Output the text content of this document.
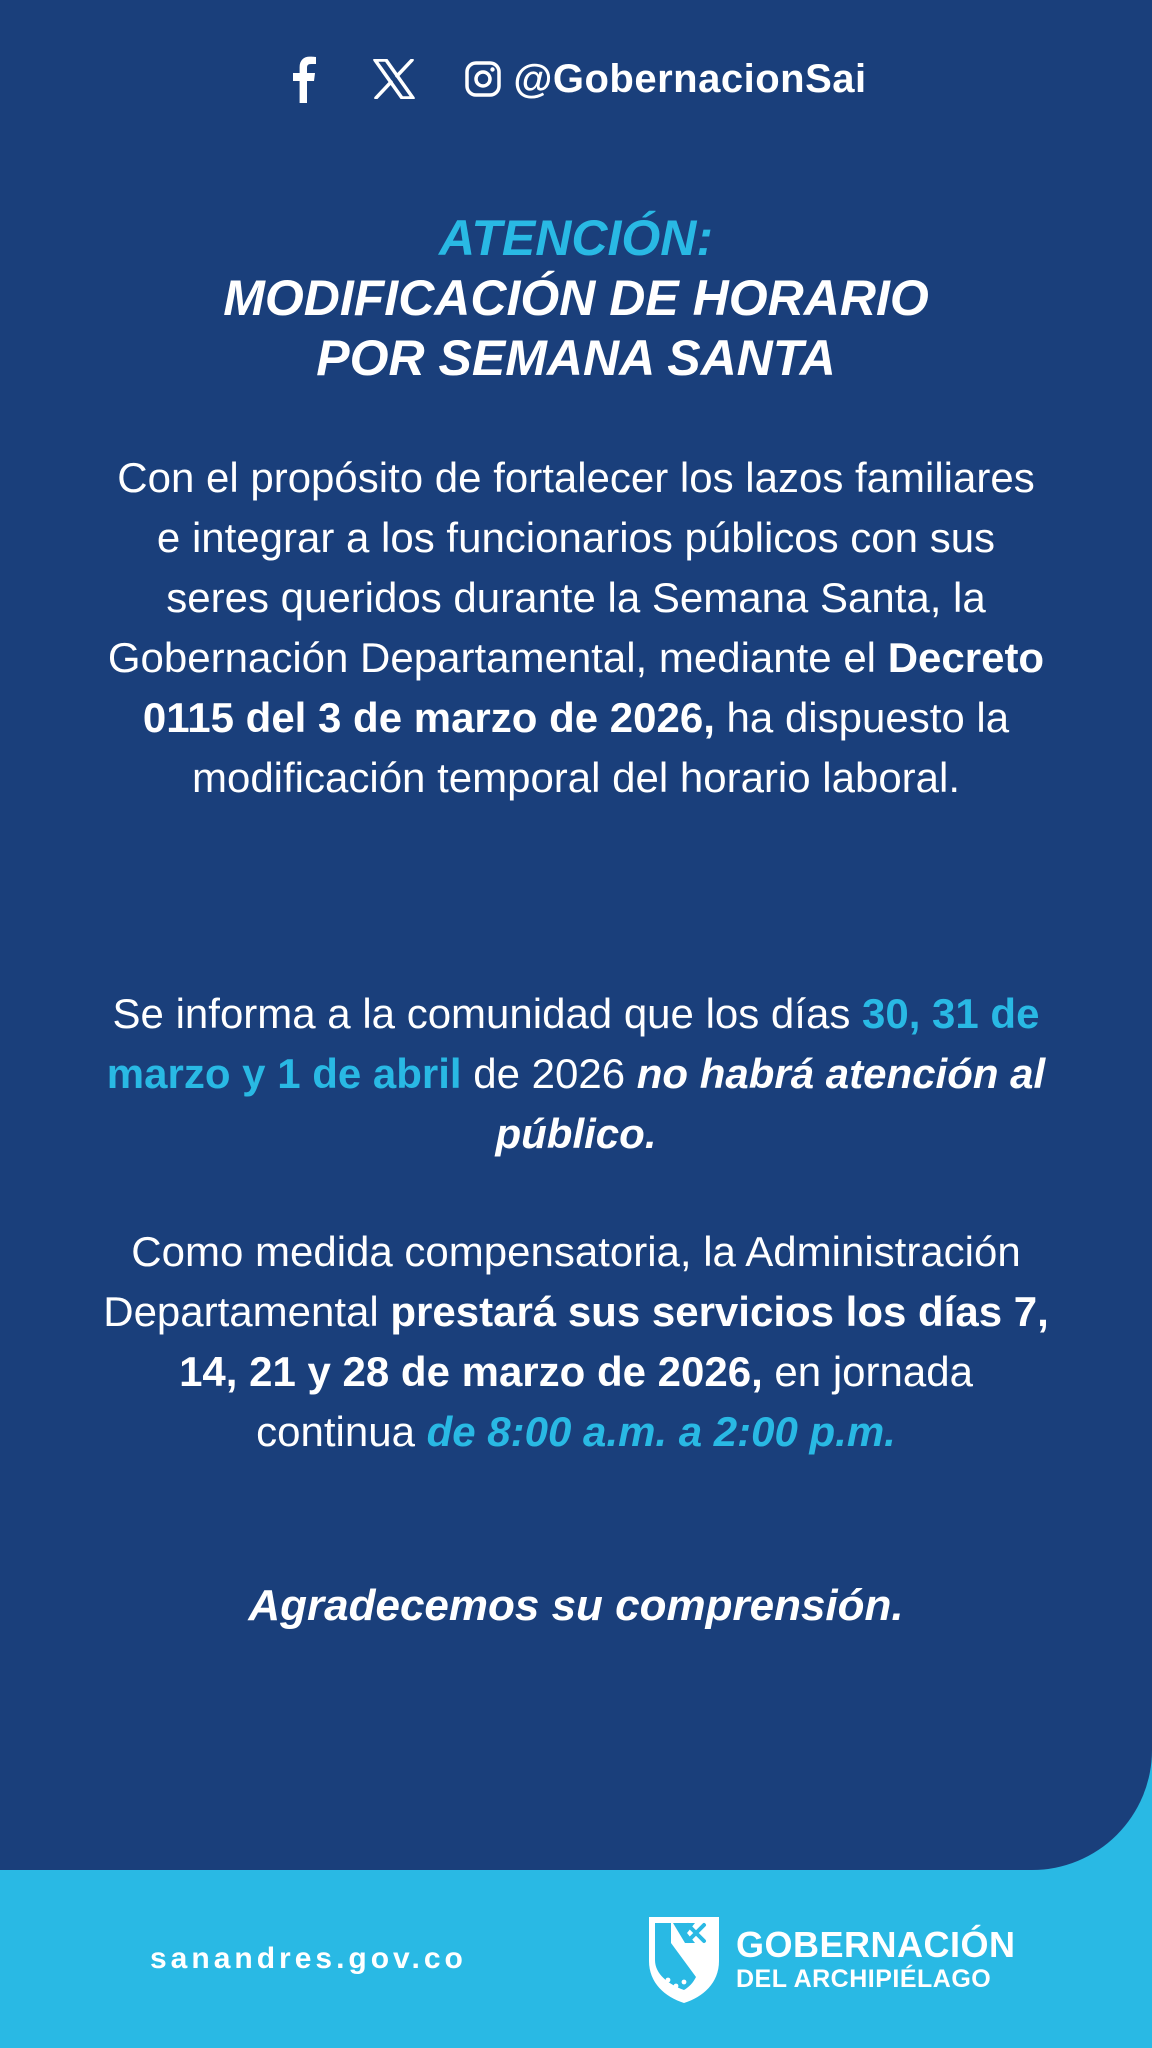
@GobernacionSai
ATENCIÓN:
MODIFICACIÓN DE HORARIO
POR SEMANA SANTA

Con el propósito de fortalecer los lazos familiares e integrar a los funcionarios públicos con sus seres queridos durante la Semana Santa, la Gobernación Departamental, mediante el Decreto 0115 del 3 de marzo de 2026, ha dispuesto la modificación temporal del horario laboral.

Se informa a la comunidad que los días 30, 31 de marzo y 1 de abril de 2026 no habrá atención al público.

Como medida compensatoria, la Administración Departamental prestará sus servicios los días 7, 14, 21 y 28 de marzo de 2026, en jornada continua de 8:00 a.m. a 2:00 p.m.

Agradecemos su comprensión.

sanandres.gov.co	GOBERNACIÓN
DEL ARCHIPIÉLAGO
